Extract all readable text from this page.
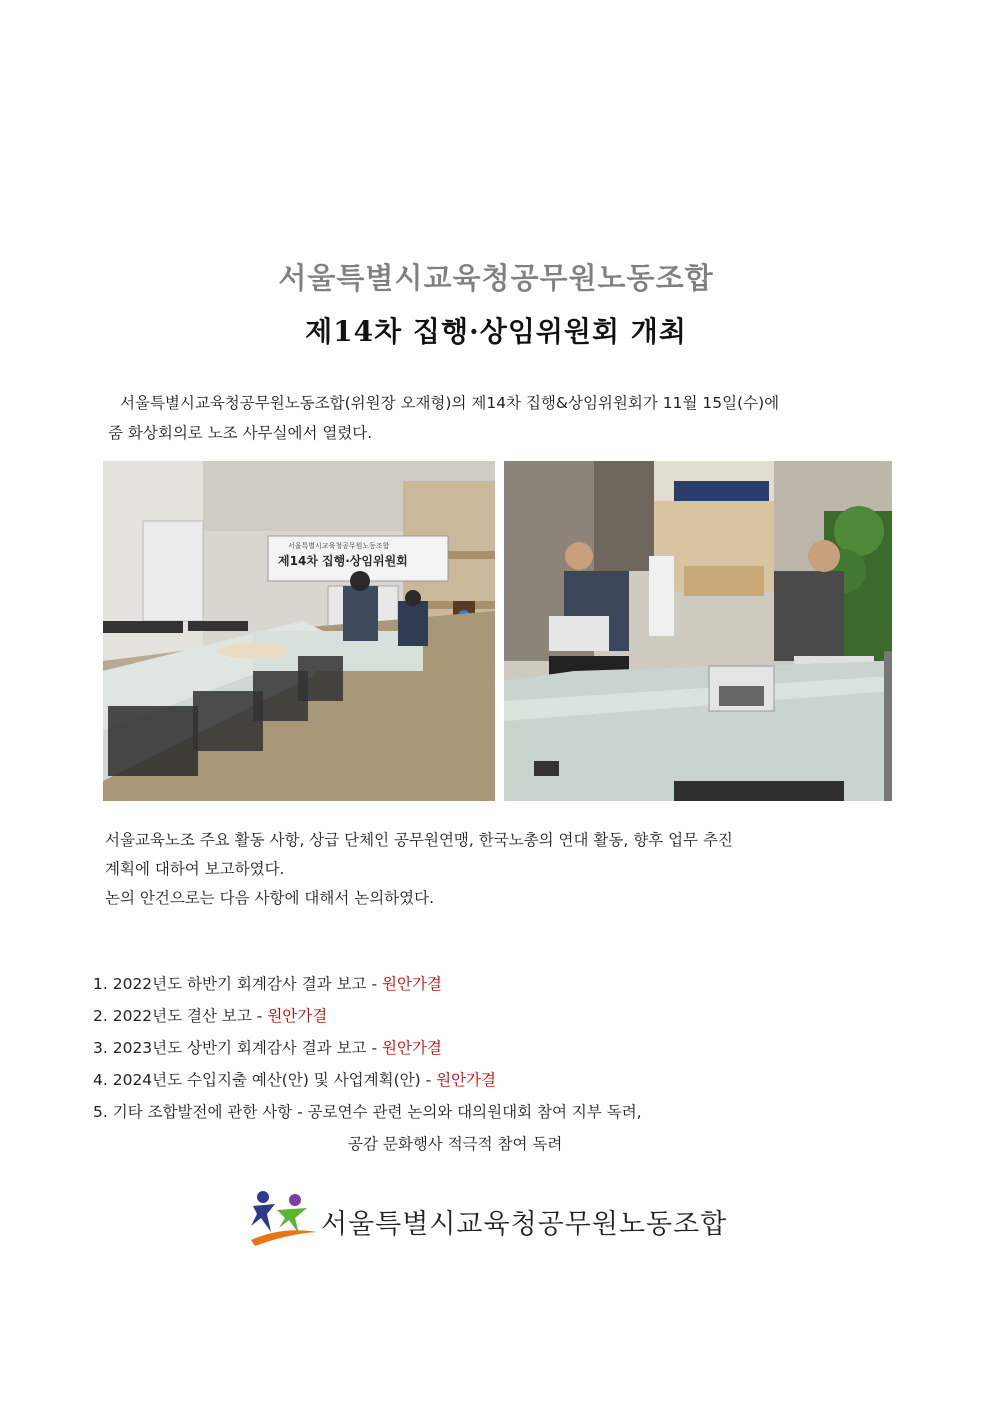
서울특별시교육청공무원노동조합
제14차 집행·상임위원회 개최

서울특별시교육청공무원노동조합(위원장 오재형)의 제14차 집행&상임위원회가 11월 15일(수)에

줌 화상회의로 노조 사무실에서 열렸다.

서울특별시교육청공무원노동조합
제14차 집행·상임위원회

서울교육노조 주요 활동 사항, 상급 단체인 공무원연맹, 한국노총의 연대 활동, 향후 업무 추진

계획에 대하여 보고하였다.

논의 안건으로는 다음 사항에 대해서 논의하였다.

1. 2022년도 하반기 회계감사 결과 보고 - 원안가결
2. 2022년도 결산 보고 - 원안가결
3. 2023년도 상반기 회계감사 결과 보고 - 원안가결
4. 2024년도 수입지출 예산(안) 및 사업계획(안) - 원안가결
5. 기타 조합발전에 관한 사항 - 공로연수 관련 논의와 대의원대회 참여 지부 독려,
공감 문화행사 적극적 참여 독려
서울특별시교육청공무원노동조합
